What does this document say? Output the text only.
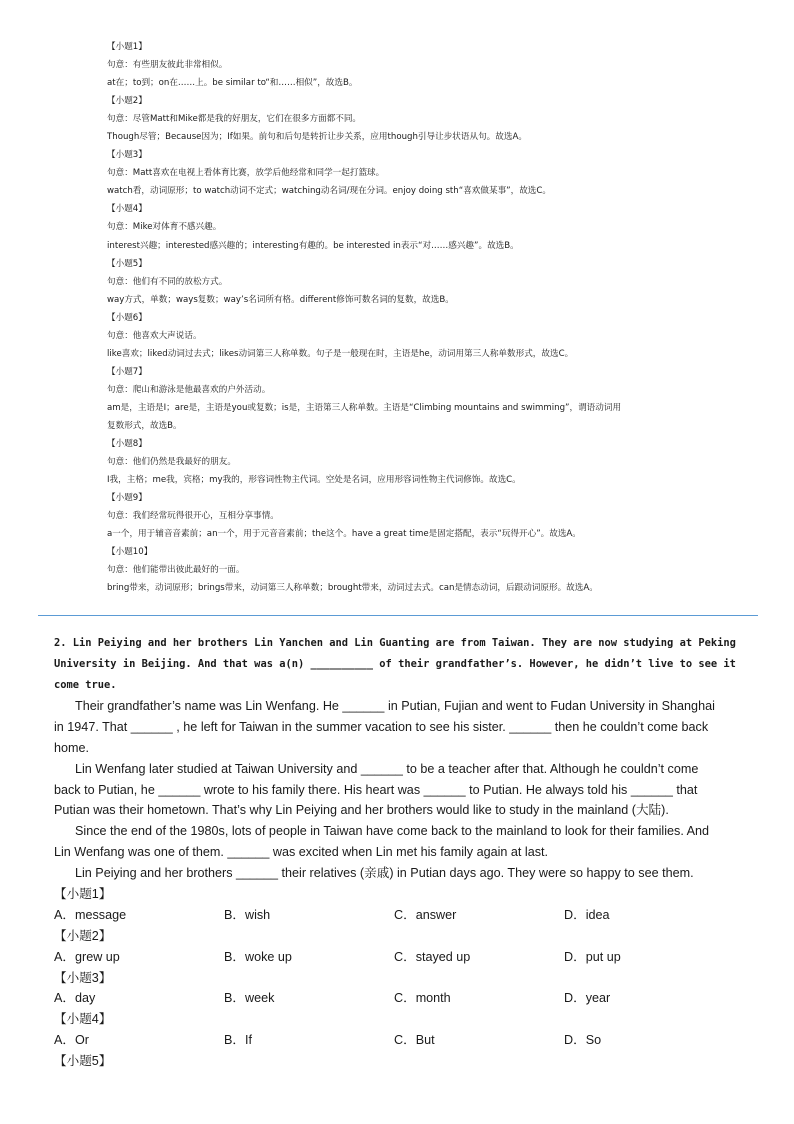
【小题1】
句意：有些朋友彼此非常相似。
at在；to到；on在……上。be similar to“和……相似”，故选B。
【小题2】
句意：尽管Matt和Mike都是我的好朋友，它们在很多方面都不同。
Though尽管；Because因为；If如果。前句和后句是转折让步关系，应用though引导让步状语从句。故选A。
【小题3】
句意：Matt喜欢在电视上看体育比赛，放学后他经常和同学一起打篮球。
watch看，动词原形；to watch动词不定式；watching动名词/现在分词。enjoy doing sth“喜欢做某事”，故选C。
【小题4】
句意：Mike对体育不感兴趣。
interest兴趣；interested感兴趣的；interesting有趣的。be interested in表示“对……感兴趣”。故选B。
【小题5】
句意：他们有不同的放松方式。
way方式，单数；ways复数；way’s名词所有格。different修饰可数名词的复数，故选B。
【小题6】
句意：他喜欢大声说话。
like喜欢；liked动词过去式；likes动词第三人称单数。句子是一般现在时，主语是he，动词用第三人称单数形式，故选C。
【小题7】
句意：爬山和游泳是他最喜欢的户外活动。
am是，主语是I；are是，主语是you或复数；is是，主语第三人称单数。主语是“Climbing mountains and swimming”，谓语动词用
复数形式，故选B。
【小题8】
句意：他们仍然是我最好的朋友。
I我，主格；me我，宾格；my我的，形容词性物主代词。空处是名词，应用形容词性物主代词修饰。故选C。
【小题9】
句意：我们经常玩得很开心，互相分享事情。
a一个，用于辅音音素前；an一个，用于元音音素前；the这个。have a great time是固定搭配，表示“玩得开心”。故选A。
【小题10】
句意：他们能带出彼此最好的一面。
bring带来，动词原形；brings带来，动词第三人称单数；brought带来，动词过去式。can是情态动词，后跟动词原形。故选A。
2. Lin Peiying and her brothers Lin Yanchen and Lin Guanting are from Taiwan. They are now studying at Peking
University in Beijing. And that was a(n) __________ of their grandfather’s. However, he didn’t live to see it
come true.
Their grandfather’s name was Lin Wenfang. He ______ in Putian, Fujian and went to Fudan University in Shanghai
in 1947. That ______ , he left for Taiwan in the summer vacation to see his sister. ______ then he couldn’t come back
home.
Lin Wenfang later studied at Taiwan University and ______ to be a teacher after that. Although he couldn’t come
back to Putian, he ______ wrote to his family there. His heart was ______ to Putian. He always told his ______ that
Putian was their hometown. That’s why Lin Peiying and her brothers would like to study in the mainland (大陆).
Since the end of the 1980s, lots of people in Taiwan have come back to the mainland to look for their families. And
Lin Wenfang was one of them. ______ was excited when Lin met his family again at last.
Lin Peiying and her brothers ______ their relatives (亲戚) in Putian days ago. They were so happy to see them.
【小题1】
A．message	B．wish	C．answer	D．idea
【小题2】
A．grew up	B．woke up	C．stayed up	D．put up
【小题3】
A．day	B．week	C．month	D．year
【小题4】
A．Or	B．If	C．But	D．So
【小题5】
